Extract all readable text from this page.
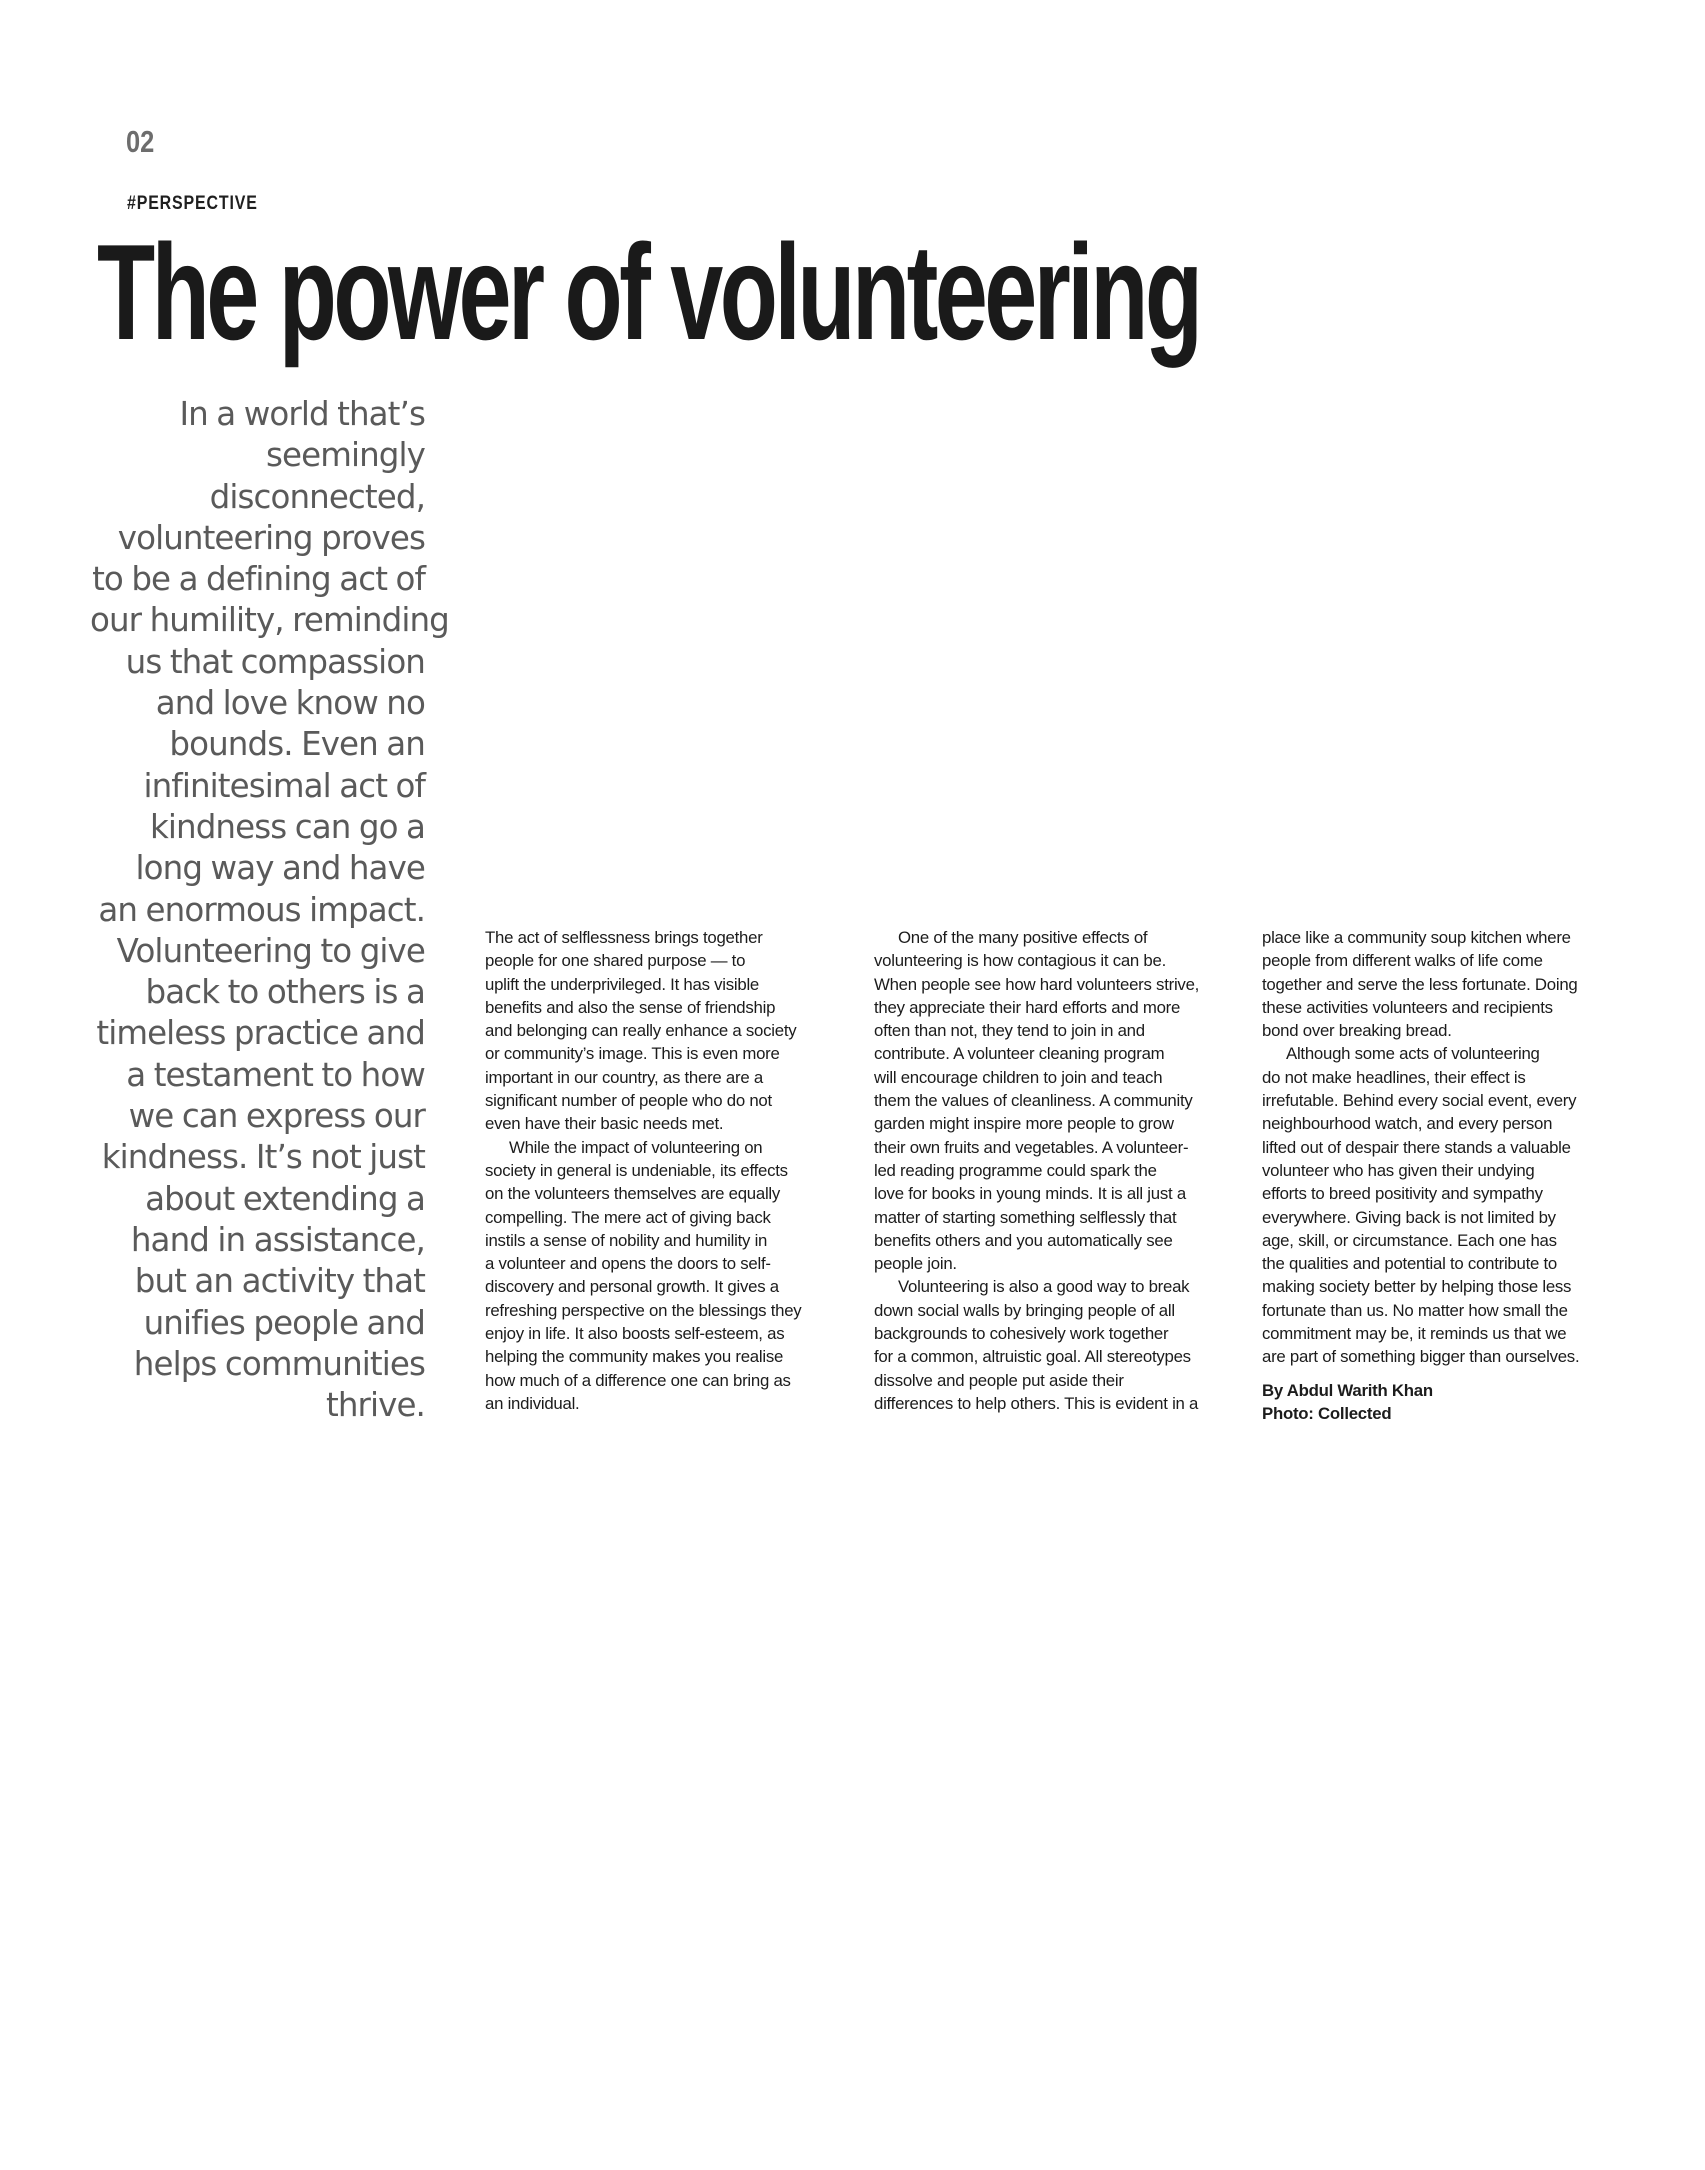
02
#PERSPECTIVE
The power of volunteering
In a world that’s
seemingly
disconnected,
volunteering proves
to be a defining act of
our humility, reminding
us that compassion
and love know no
bounds. Even an
infinitesimal act of
kindness can go a
long way and have
an enormous impact.
Volunteering to give
back to others is a
timeless practice and
a testament to how
we can express our
kindness. It’s not just
about extending a
hand in assistance,
but an activity that
unifies people and
helps communities
thrive.
The act of selflessness brings together
people for one shared purpose — to
uplift the underprivileged. It has visible
benefits and also the sense of friendship
and belonging can really enhance a society
or community’s image. This is even more
important in our country, as there are a
significant number of people who do not
even have their basic needs met.
While the impact of volunteering on
society in general is undeniable, its effects
on the volunteers themselves are equally
compelling. The mere act of giving back
instils a sense of nobility and humility in
a volunteer and opens the doors to self-
discovery and personal growth. It gives a
refreshing perspective on the blessings they
enjoy in life. It also boosts self-esteem, as
helping the community makes you realise
how much of a difference one can bring as
an individual.
One of the many positive effects of
volunteering is how contagious it can be.
When people see how hard volunteers strive,
they appreciate their hard efforts and more
often than not, they tend to join in and
contribute. A volunteer cleaning program
will encourage children to join and teach
them the values of cleanliness. A community
garden might inspire more people to grow
their own fruits and vegetables. A volunteer-
led reading programme could spark the
love for books in young minds. It is all just a
matter of starting something selflessly that
benefits others and you automatically see
people join.
Volunteering is also a good way to break
down social walls by bringing people of all
backgrounds to cohesively work together
for a common, altruistic goal. All stereotypes
dissolve and people put aside their
differences to help others. This is evident in a
place like a community soup kitchen where
people from different walks of life come
together and serve the less fortunate. Doing
these activities volunteers and recipients
bond over breaking bread.
Although some acts of volunteering
do not make headlines, their effect is
irrefutable. Behind every social event, every
neighbourhood watch, and every person
lifted out of despair there stands a valuable
volunteer who has given their undying
efforts to breed positivity and sympathy
everywhere. Giving back is not limited by
age, skill, or circumstance. Each one has
the qualities and potential to contribute to
making society better by helping those less
fortunate than us. No matter how small the
commitment may be, it reminds us that we
are part of something bigger than ourselves.
By Abdul Warith Khan
Photo: Collected
